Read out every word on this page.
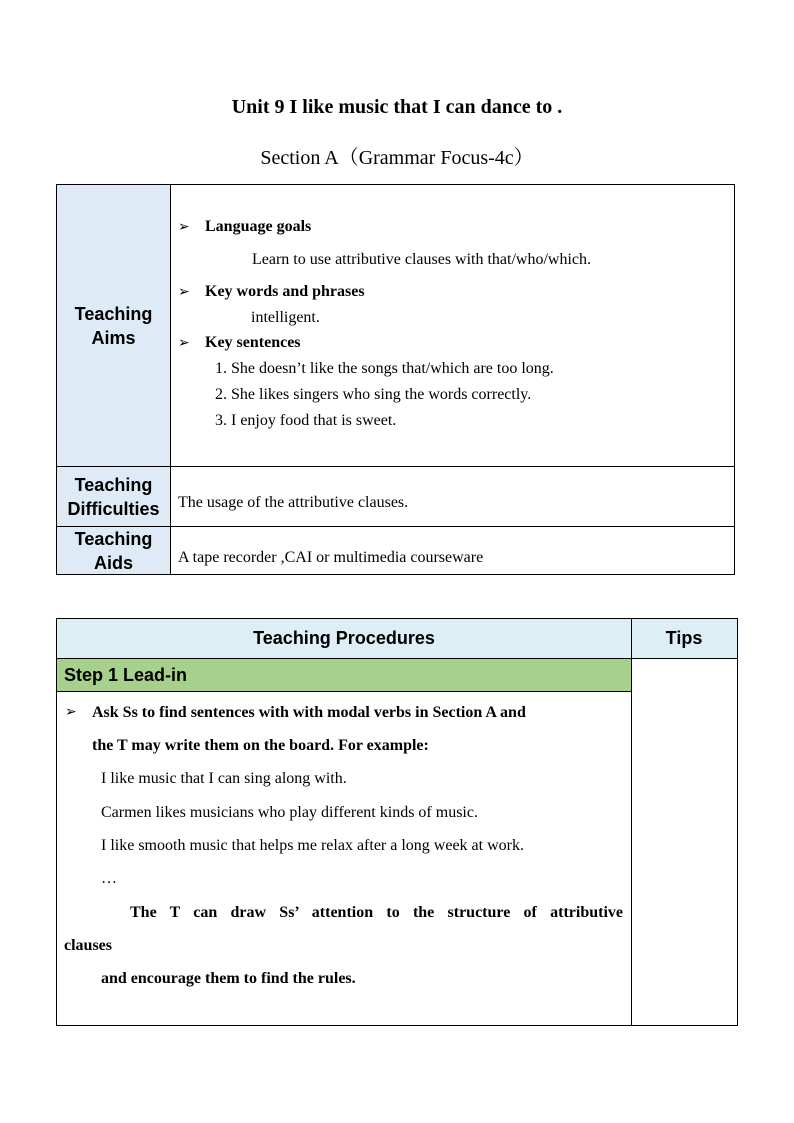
Unit 9 I like music that I can dance to .
Section A（Grammar Focus-4c）
Teaching
Aims
➢ Language goals
Learn to use attributive clauses with that/who/which.
➢ Key words and phrases
intelligent.
➢ Key sentences
1. She doesn’t like the songs that/which are too long.
2. She likes singers who sing the words correctly.
3. I enjoy food that is sweet.
Teaching
Difficulties The usage of the attributive clauses.
Teaching
Aids	A tape recorder ,CAI or multimedia courseware
Teaching Procedures	Tips
Step 1 Lead-in
➢ Ask Ss to find sentences with with modal verbs in Section A and
the T may write them on the board. For example:
I like music that I can sing along with.
Carmen likes musicians who play different kinds of music.
I like smooth music that helps me relax after a long week at work.
…
The T can draw Ss’ attention to the structure of attributive
clauses
and encourage them to find the rules.
